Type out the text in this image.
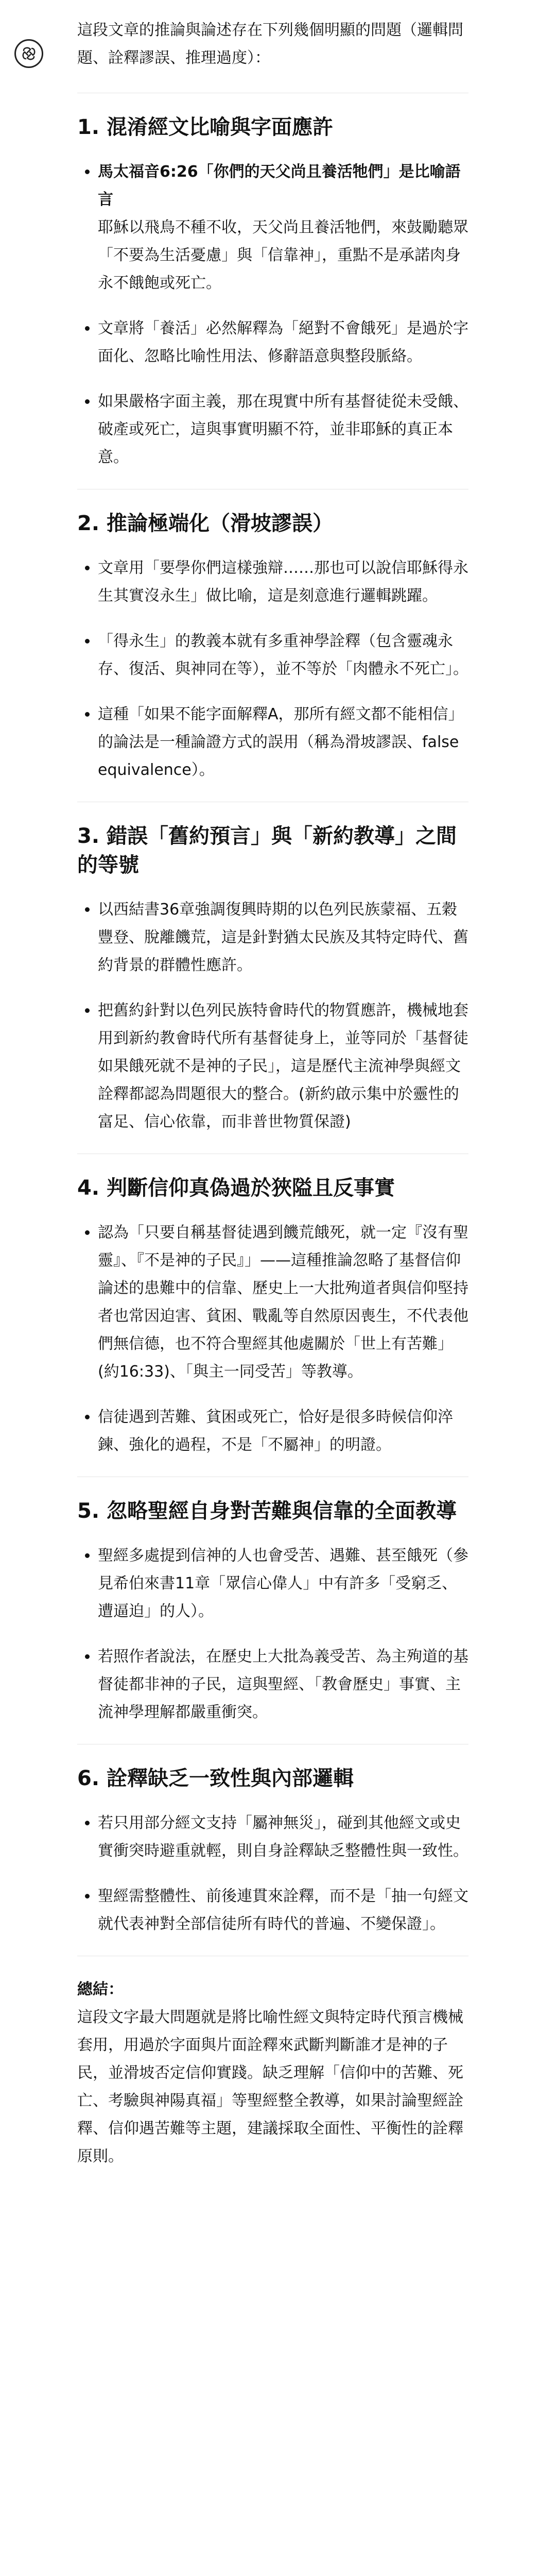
這段文章的推論與論述存在下列幾個明顯的問題（邏輯問題、詮釋謬誤、推理過度）：

1. 混淆經文比喻與字面應許
• 馬太福音6:26「你們的天父尚且養活牠們」是比喻語言
耶穌以飛鳥不種不收，天父尚且養活牠們，來鼓勵聽眾「不要為生活憂慮」與「信靠神」，重點不是承諾肉身永不餓飽或死亡。
• 文章將「養活」必然解釋為「絕對不會餓死」是過於字面化、忽略比喻性用法、修辭語意與整段脈絡。
• 如果嚴格字面主義，那在現實中所有基督徒從未受餓、破產或死亡，這與事實明顯不符，並非耶穌的真正本意。
2. 推論極端化（滑坡謬誤）
• 文章用「要學你們這樣強辯……那也可以說信耶穌得永生其實沒永生」做比喻，這是刻意進行邏輯跳躍。
• 「得永生」的教義本就有多重神學詮釋（包含靈魂永存、復活、與神同在等），並不等於「肉體永不死亡」。
• 這種「如果不能字面解釋A，那所有經文都不能相信」的論法是一種論證方式的誤用（稱為滑坡謬誤、false equivalence）。
3. 錯誤「舊約預言」與「新約教導」之間的等號
• 以西結書36章強調復興時期的以色列民族蒙福、五穀豐登、脫離饑荒，這是針對猶太民族及其特定時代、舊約背景的群體性應許。
• 把舊約針對以色列民族特會時代的物質應許，機械地套用到新約教會時代所有基督徒身上，並等同於「基督徒如果餓死就不是神的子民」，這是歷代主流神學與經文詮釋都認為問題很大的整合。(新約啟示集中於靈性的富足、信心依靠，而非普世物質保證)
4. 判斷信仰真偽過於狹隘且反事實
• 認為「只要自稱基督徒遇到饑荒餓死，就一定『沒有聖靈』、『不是神的子民』」——這種推論忽略了基督信仰論述的患難中的信靠、歷史上一大批殉道者與信仰堅持者也常因迫害、貧困、戰亂等自然原因喪生，不代表他們無信德，也不符合聖經其他處關於「世上有苦難」(約16:33)、「與主一同受苦」等教導。
• 信徒遇到苦難、貧困或死亡，恰好是很多時候信仰淬鍊、強化的過程，不是「不屬神」的明證。
5. 忽略聖經自身對苦難與信靠的全面教導
• 聖經多處提到信神的人也會受苦、遇難、甚至餓死（參見希伯來書11章「眾信心偉人」中有許多「受窮乏、遭逼迫」的人）。
• 若照作者說法，在歷史上大批為義受苦、為主殉道的基督徒都非神的子民，這與聖經、「教會歷史」事實、主流神學理解都嚴重衝突。
6. 詮釋缺乏一致性與內部邏輯
• 若只用部分經文支持「屬神無災」，碰到其他經文或史實衝突時避重就輕，則自身詮釋缺乏整體性與一致性。
• 聖經需整體性、前後連貫來詮釋，而不是「抽一句經文就代表神對全部信徒所有時代的普遍、不變保證」。
總結：
這段文字最大問題就是將比喻性經文與特定時代預言機械套用，用過於字面與片面詮釋來武斷判斷誰才是神的子民，並滑坡否定信仰實踐。缺乏理解「信仰中的苦難、死亡、考驗與神陽真福」等聖經整全教導，如果討論聖經詮釋、信仰遇苦難等主題，建議採取全面性、平衡性的詮釋原則。
